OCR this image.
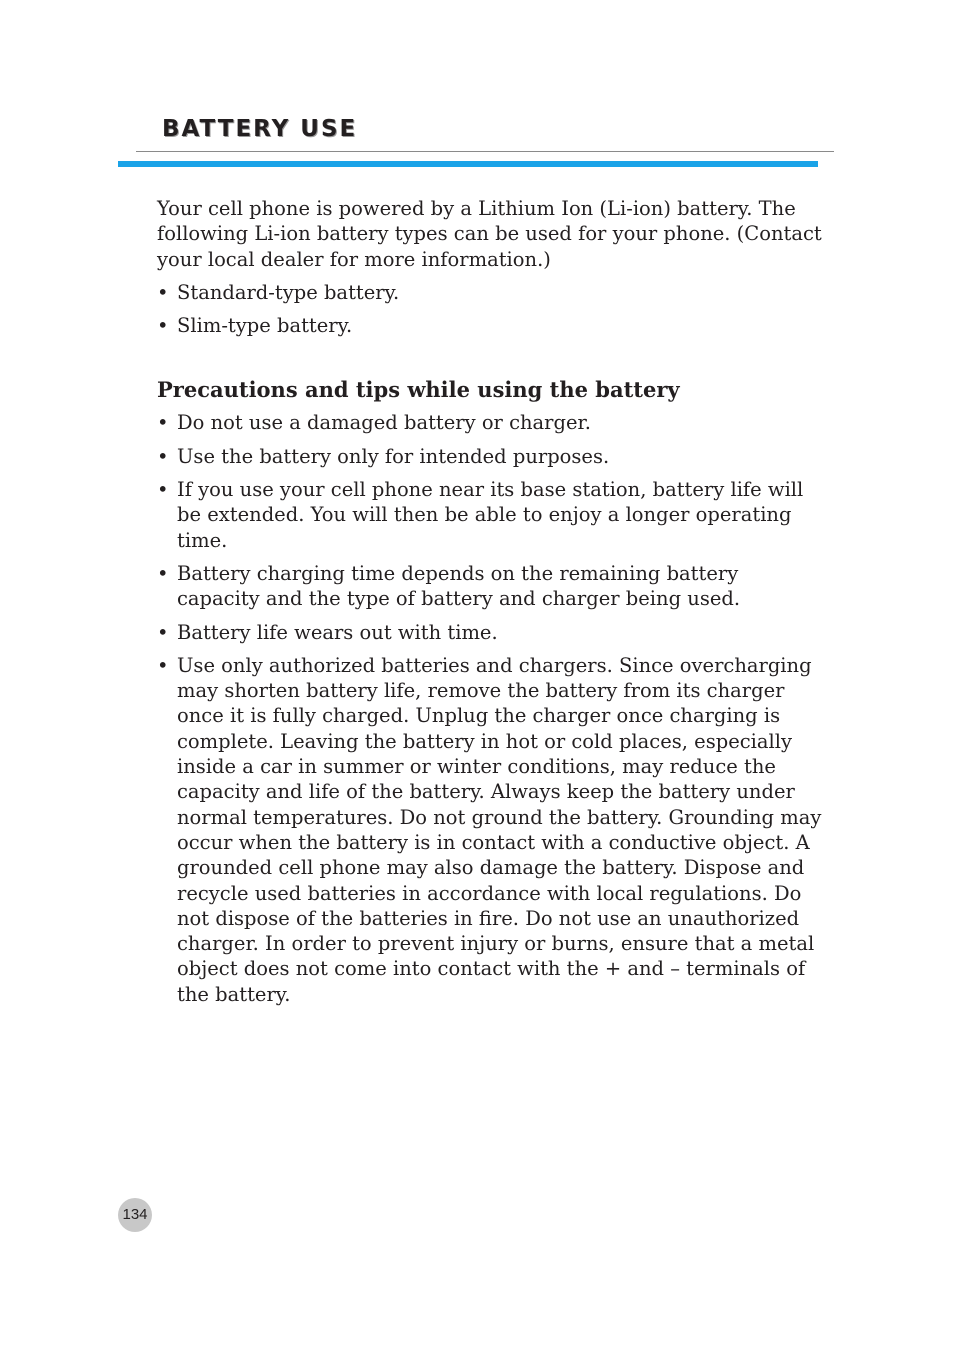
BATTERY USE

Your cell phone is powered by a Lithium Ion (Li-ion) battery. The following Li-ion battery types can be used for your phone. (Contact your local dealer for more information.)

• Standard-type battery.
• Slim-type battery.
Precautions and tips while using the battery
• Do not use a damaged battery or charger.
• Use the battery only for intended purposes.
• If you use your cell phone near its base station, battery life will be extended. You will then be able to enjoy a longer operating time.
• Battery charging time depends on the remaining battery capacity and the type of battery and charger being used.
• Battery life wears out with time.
• Use only authorized batteries and chargers. Since overcharging may shorten battery life, remove the battery from its charger once it is fully charged. Unplug the charger once charging is complete. Leaving the battery in hot or cold places, especially inside a car in summer or winter conditions, may reduce the capacity and life of the battery. Always keep the battery under normal temperatures. Do not ground the battery. Grounding may occur when the battery is in contact with a conductive object. A grounded cell phone may also damage the battery. Dispose and recycle used batteries in accordance with local regulations. Do not dispose of the batteries in fire. Do not use an unauthorized charger. In order to prevent injury or burns, ensure that a metal object does not come into contact with the + and – terminals of the battery.
134
